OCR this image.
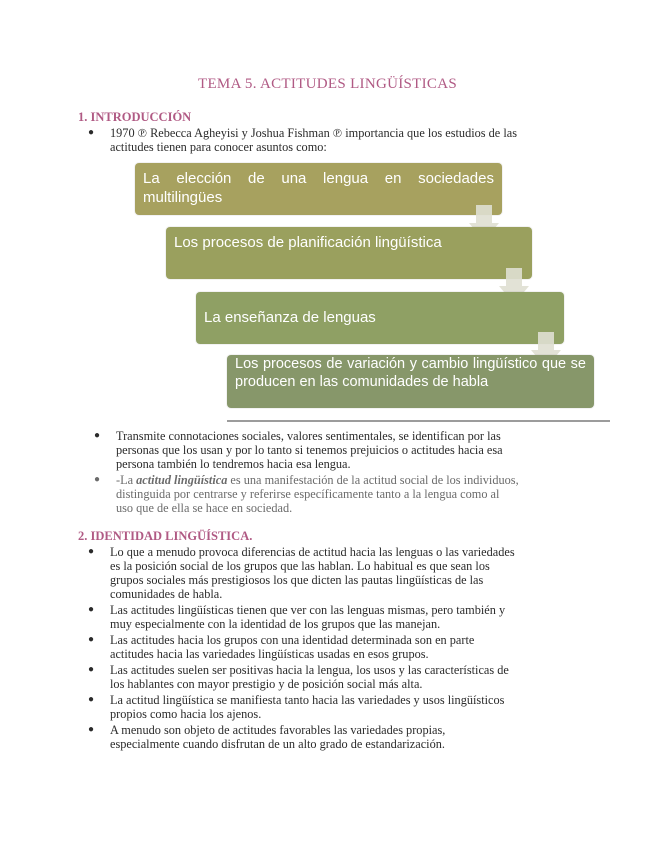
TEMA 5. ACTITUDES LINGÜÍSTICAS
1. INTRODUCCIÓN
● 1970 ℗ Rebecca Agheyisi y Joshua Fishman ℗ importancia que los estudios de las
actitudes tienen para conocer asuntos como:
La elección de una lengua en sociedades multilingües
Los procesos de planificación lingüística
La enseñanza de lenguas
Los procesos de variación y cambio lingüístico que se producen en las comunidades de habla
● Transmite connotaciones sociales, valores sentimentales, se identifican por las
personas que los usan y por lo tanto si tenemos prejuicios o actitudes hacia esa
persona también lo tendremos hacia esa lengua.
● -La actitud lingüística es una manifestación de la actitud social de los individuos,
distinguida por centrarse y referirse específicamente tanto a la lengua como al
uso que de ella se hace en sociedad.
2. IDENTIDAD LINGÜÍSTICA.
● Lo que a menudo provoca diferencias de actitud hacia las lenguas o las variedades
es la posición social de los grupos que las hablan. Lo habitual es que sean los
grupos sociales más prestigiosos los que dicten las pautas lingüísticas de las
comunidades de habla.
● Las actitudes lingüísticas tienen que ver con las lenguas mismas, pero también y
muy especialmente con la identidad de los grupos que las manejan.
● Las actitudes hacia los grupos con una identidad determinada son en parte
actitudes hacia las variedades lingüísticas usadas en esos grupos.
● Las actitudes suelen ser positivas hacia la lengua, los usos y las características de
los hablantes con mayor prestigio y de posición social más alta.
● La actitud lingüística se manifiesta tanto hacia las variedades y usos lingüísticos
propios como hacia los ajenos.
● A menudo son objeto de actitudes favorables las variedades propias,
especialmente cuando disfrutan de un alto grado de estandarización.
